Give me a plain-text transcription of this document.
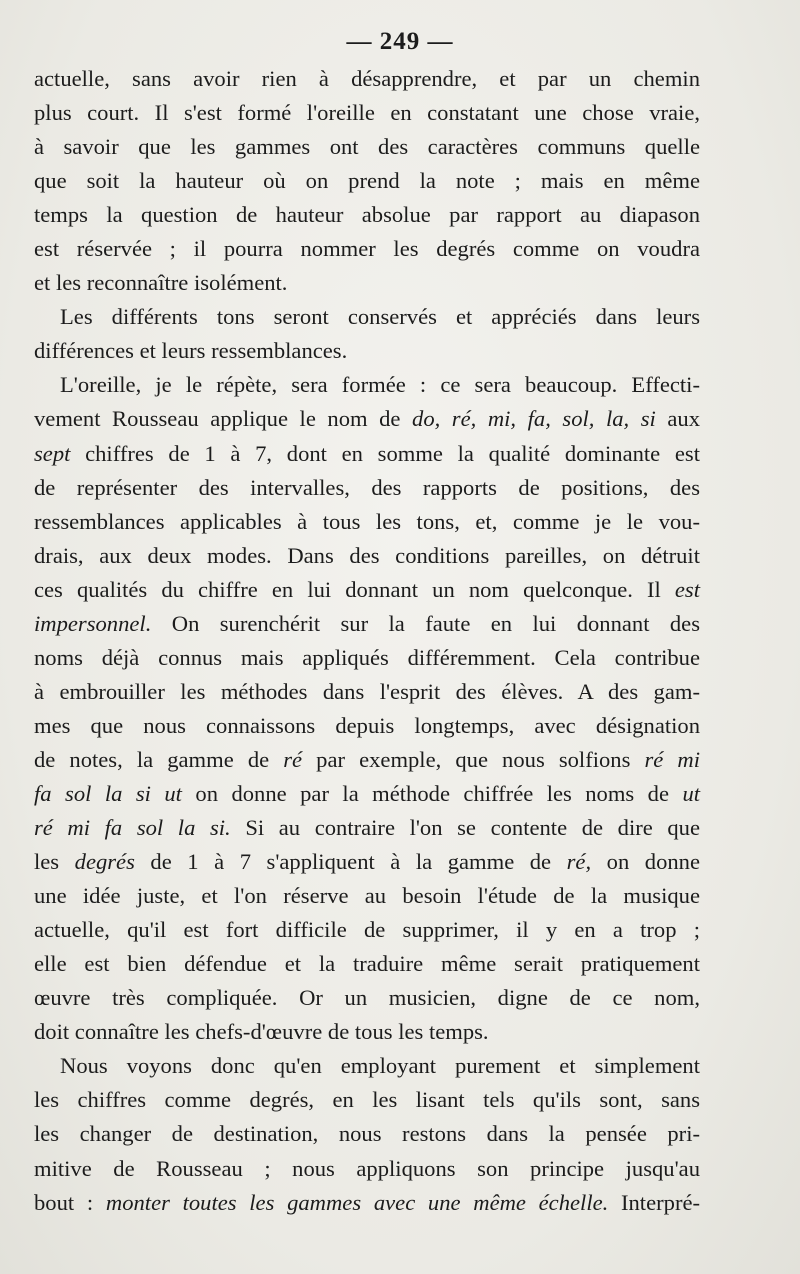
— 249 —

actuelle, sans avoir rien à désapprendre, et par un chemin
plus court. Il s'est formé l'oreille en constatant une chose vraie,
à savoir que les gammes ont des caractères communs quelle
que soit la hauteur où on prend la note ; mais en même
temps la question de hauteur absolue par rapport au diapason
est réservée ; il pourra nommer les degrés comme on voudra
et les reconnaître isolément.

Les différents tons seront conservés et appréciés dans leurs
différences et leurs ressemblances.

L'oreille, je le répète, sera formée : ce sera beaucoup. Effecti-
vement Rousseau applique le nom de do, ré, mi, fa, sol, la, si aux
sept chiffres de 1 à 7, dont en somme la qualité dominante est
de représenter des intervalles, des rapports de positions, des
ressemblances applicables à tous les tons, et, comme je le vou-
drais, aux deux modes. Dans des conditions pareilles, on détruit
ces qualités du chiffre en lui donnant un nom quelconque. Il est
impersonnel. On surenchérit sur la faute en lui donnant des
noms déjà connus mais appliqués différemment. Cela contribue
à embrouiller les méthodes dans l'esprit des élèves. A des gam-
mes que nous connaissons depuis longtemps, avec désignation
de notes, la gamme de ré par exemple, que nous solfions ré mi
fa sol la si ut on donne par la méthode chiffrée les noms de ut
ré mi fa sol la si. Si au contraire l'on se contente de dire que
les degrés de 1 à 7 s'appliquent à la gamme de ré, on donne
une idée juste, et l'on réserve au besoin l'étude de la musique
actuelle, qu'il est fort difficile de supprimer, il y en a trop ;
elle est bien défendue et la traduire même serait pratiquement
œuvre très compliquée. Or un musicien, digne de ce nom,
doit connaître les chefs-d'œuvre de tous les temps.

Nous voyons donc qu'en employant purement et simplement
les chiffres comme degrés, en les lisant tels qu'ils sont, sans
les changer de destination, nous restons dans la pensée pri-
mitive de Rousseau ; nous appliquons son principe jusqu'au
bout : monter toutes les gammes avec une même échelle. Interpré-
